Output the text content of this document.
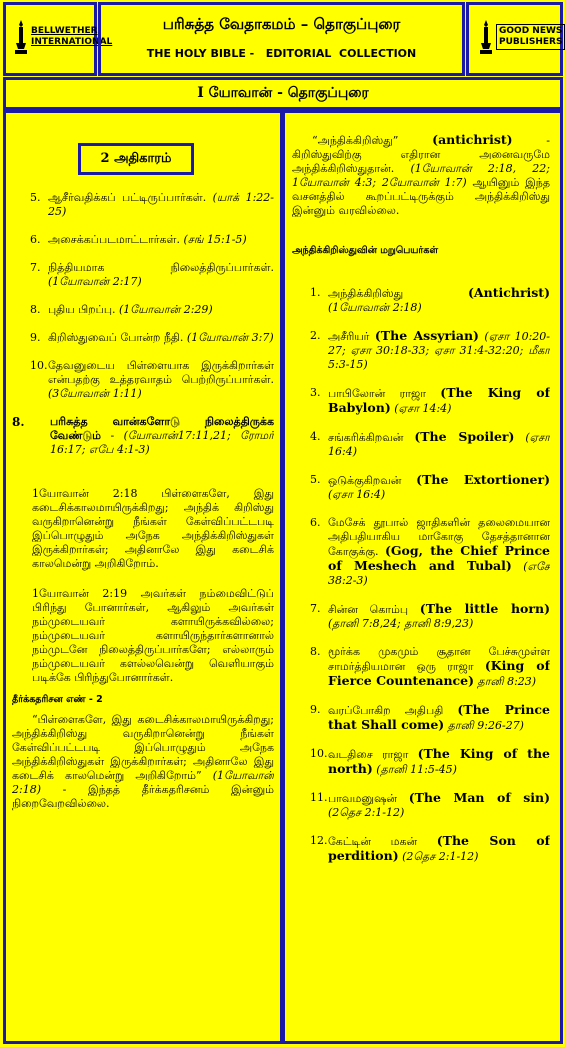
BELLWETHER
INTERNATIONAL
பரிசுத்த வேதாகமம் – தொகுப்புரை
THE HOLY BIBLE -   EDITORIAL  COLLECTION
GOOD NEWS
PUBLISHERS
I யோவான் - தொகுப்புரை
2 அதிகாரம்
5. ஆசீர்வதிக்கப் பட்டிருப்பார்கள். (யாக் 1:22-25)
6. அசைக்கப்படமாட்டார்கள். (சங் 15:1-5)
7. நித்தியமாக நிலைத்திருப்பார்கள். (1யோவான் 2:17)
8. புதிய பிறப்பு. (1யோவான் 2:29)
9. கிறிஸ்துவைப் போன்ற நீதி. (1யோவான் 3:7)
10. தேவனுடைய பிள்ளையாக இருக்கிறார்கள் என்பதற்கு உத்தரவாதம் பெற்றிருப்பார்கள். (3யோவான் 1:11)
8.	பரிசுத்த வான்களோடு நிலைத்திருக்க வேண்டும் - (யோவான்17:11,21; ரோமர் 16:17; எபே 4:1-3)

1யோவான் 2:18 பிள்ளைகளே, இது கடைசிக்காலமாயிருக்கிறது; அந்திக் கிறிஸ்து வருகிறானென்று நீங்கள் கேள்விப்பட்டபடி இப்பொழுதும் அநேக அந்திக்கிறிஸ்துகள் இருக்கிறார்கள்; அதினாலே இது கடைசிக் காலமென்று அறிகிறோம்.

1யோவான் 2:19 அவர்கள் நம்மைவிட்டுப் பிரிந்து போனார்கள், ஆகிலும் அவர்கள் நம்முடையவர் களாயிருக்கவில்லை; நம்முடையவர் களாயிருந்தார்களானால் நம்முடனே நிலைத்திருப்பார்களே; எல்லாரும் நம்முடையவர் களல்லவென்று வெளியாகும் படிக்கே பிரிந்துபோனார்கள்.

தீர்க்கதரிசன எண் - 2

“பிள்ளைகளே, இது கடைசிக்காலமாயிருக்கிறது; அந்திக்கிறிஸ்து வருகிறானென்று நீங்கள் கேள்விப்பட்டபடி இப்பொழுதும் அநேக அந்திக்கிறிஸ்துகள் இருக்கிறார்கள்; அதினாலே இது கடைசிக் காலமென்று அறிகிறோம்” (1யோவான் 2:18) - இந்தத் தீர்க்கதரிசனம் இன்னும் நிறைவேறவில்லை.

“அந்திக்கிறிஸ்து”	(antichrist)	- கிறிஸ்துவிற்கு எதிரான அனைவருமே அந்திக்கிறிஸ்துதான். (1யோவான் 2:18, 22; 1யோவான் 4:3; 2யோவான் 1:7) ஆயினும் இந்த வசனத்தில் கூறப்பட்டிருக்கும் அந்திக்கிறிஸ்து இன்னும் வரவில்லை.

அந்திக்கிறிஸ்துவின் மறுபெயர்கள்
1. அந்திக்கிறிஸ்து	(Antichrist) (1யோவான் 2:18)
2. அசீரியர் (The Assyrian) (ஏசா 10:20-27; ஏசா 30:18-33; ஏசா 31:4-32:20; மீகா 5:3-15)
3. பாபிலோன் ராஜா (The King of Babylon) (ஏசா 14:4)
4. சங்கரிக்கிறவன் (The Spoiler) (ஏசா 16:4)
5. ஒடுக்குகிறவன் (The Extortioner) (ஏசா 16:4)
6. மேசேக் தூபால் ஜாதிகளின் தலைமையான அதிபதியாகிய மாகோகு தேசத்தானான கோகுக்கு. (Gog, the Chief Prince of Meshech and Tubal) (எசே 38:2-3)
7. சின்ன கொம்பு (The little horn) (தானி 7:8,24; தானி 8:9,23)
8. மூர்க்க முகமும் சூதான பேச்சுமுள்ள சாமர்த்தியமான ஒரு ராஜா (King of Fierce Countenance) தானி 8:23)
9. வரப்போகிற அதிபதி (The Prince that Shall come) தானி 9:26-27)
10. வடதிசை ராஜா (The King of the north) (தானி 11:5-45)
11. பாவமனுஷன் (The Man of sin) (2தெச 2:1-12)
12. கேட்டின் மகன் (The Son of perdition) (2தெச 2:1-12)
